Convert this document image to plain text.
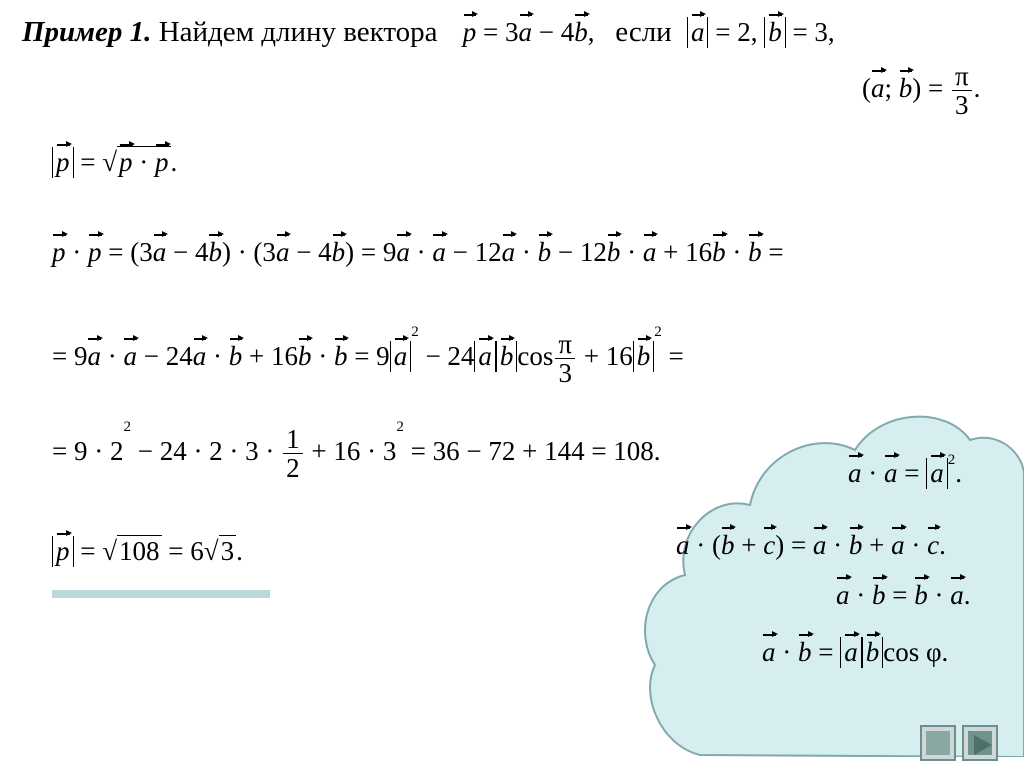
Пример 1. Найдем длину вектора p = 3a − 4b, если a = 2, b = 3,
(a; $b) = \frac{\pi}{3}$ .
p = √p · p.
p · p = (3a − 4b) · (3a − 4b) = 9a · a − 12a · b − 12b · a + 16b · b =
= 9a · a − 24a · b + 16b · b = 9 $a^2 - 24$ a b $\cos \frac{\pi}{3} + 16$ $b^2$ =
= $9 \cdot 2^2 - 24 \cdot 2 \cdot 3 \cdot \frac{1}{2} + 16 \cdot 3^2 = 36 - 72 + 144 = 108$.
p = √108 = 6√3.
a · a = a $^2$.
a · (b + c) = a · b + a · c.
a · b = b · a.
a · b = a b cos φ.
